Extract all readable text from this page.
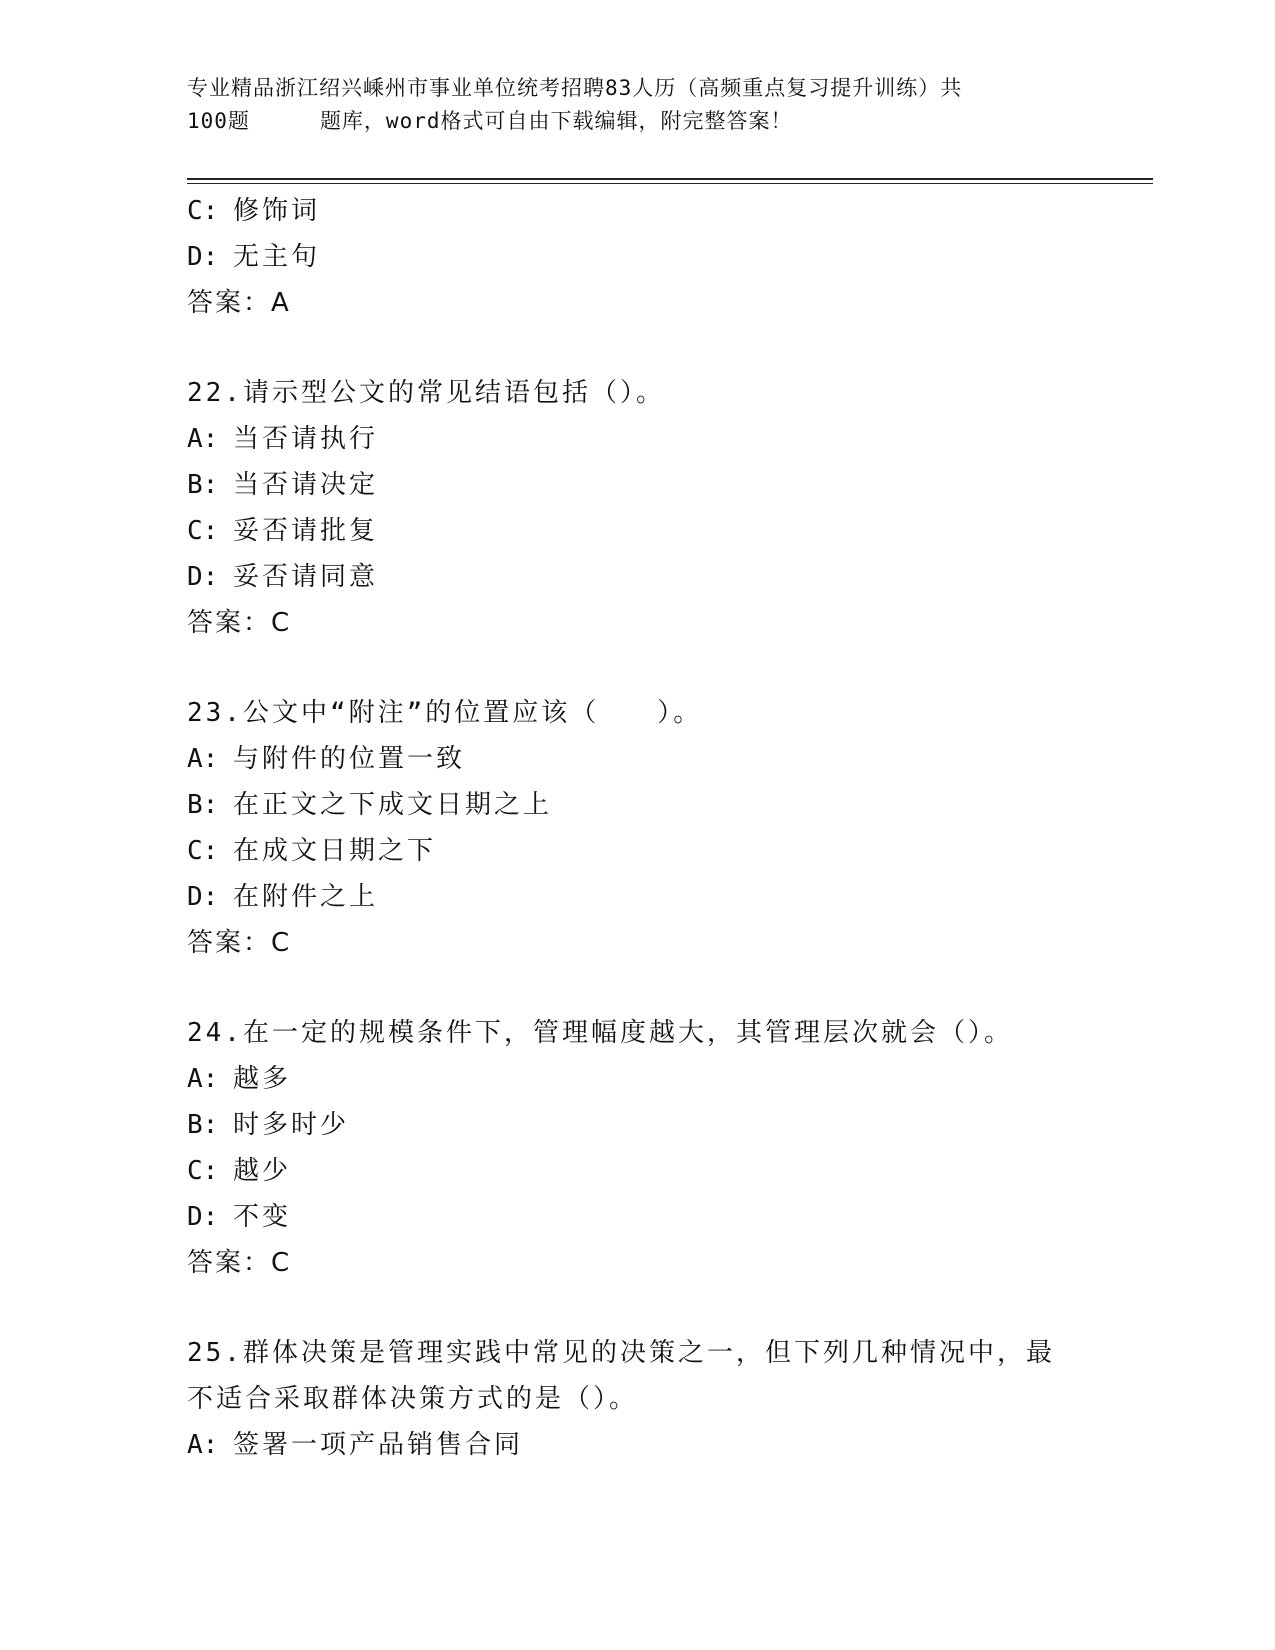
专业精品浙江绍兴嵊州市事业单位统考招聘83人历（高频重点复习提升训练）共
100题	题库，word格式可自由下载编辑，附完整答案！
C: 修饰词
D: 无主句
答案：A
22.请示型公文的常见结语包括（）。
A: 当否请执行
B: 当否请决定
C: 妥否请批复
D: 妥否请同意
答案：C
23.公文中“附注”的位置应该（　　）。
A: 与附件的位置一致
B: 在正文之下成文日期之上
C: 在成文日期之下
D: 在附件之上
答案：C
24.在一定的规模条件下，管理幅度越大，其管理层次就会（）。
A: 越多
B: 时多时少
C: 越少
D: 不变
答案：C
25.群体决策是管理实践中常见的决策之一，但下列几种情况中，最不适合采取群体决策方式的是（）。
A: 签署一项产品销售合同
